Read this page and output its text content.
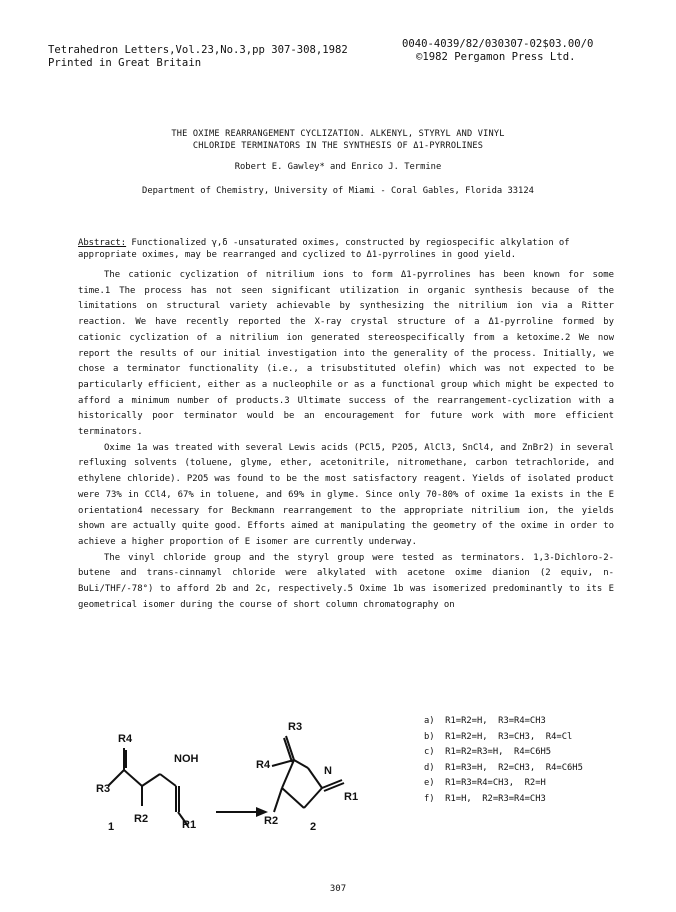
Tetrahedron Letters,Vol.23,No.3,pp 307-308,1982
Printed in Great Britain
0040-4039/82/030307-02$03.00/0
©1982 Pergamon Press Ltd.
THE OXIME REARRANGEMENT CYCLIZATION. ALKENYL, STYRYL AND VINYL
CHLORIDE TERMINATORS IN THE SYNTHESIS OF Δ1-PYRROLINES
Robert E. Gawley* and Enrico J. Termine
Department of Chemistry, University of Miami - Coral Gables, Florida 33124
Abstract: Functionalized γ,δ -unsaturated oximes, constructed by regiospecific alkylation of appropriate oximes, may be rearranged and cyclized to Δ1-pyrrolines in good yield.

The cationic cyclization of nitrilium ions to form Δ1-pyrrolines has been known for some time.1 The process has not seen significant utilization in organic synthesis because of the limitations on structural variety achievable by synthesizing the nitrilium ion via a Ritter reaction. We have recently reported the X-ray crystal structure of a Δ1-pyrroline formed by cationic cyclization of a nitrilium ion generated stereospecifically from a ketoxime.2 We now report the results of our initial investigation into the generality of the process. Initially, we chose a terminator functionality (i.e., a trisubstituted olefin) which was not expected to be particularly efficient, either as a nucleophile or as a functional group which might be expected to afford a minimum number of products.3 Ultimate success of the rearrangement-cyclization with a historically poor terminator would be an encouragement for future work with more efficient terminators.

Oxime 1a was treated with several Lewis acids (PCl5, P2O5, AlCl3, SnCl4, and ZnBr2) in several refluxing solvents (toluene, glyme, ether, acetonitrile, nitromethane, carbon tetrachloride, and ethylene chloride). P2O5 was found to be the most satisfactory reagent. Yields of isolated product were 73% in CCl4, 67% in toluene, and 69% in glyme. Since only 70-80% of oxime 1a exists in the E orientation4 necessary for Beckmann rearrangement to the appropriate nitrilium ion, the yields shown are actually quite good. Efforts aimed at manipulating the geometry of the oxime in order to achieve a higher proportion of E isomer are currently underway.

The vinyl chloride group and the styryl group were tested as terminators. 1,3-Dichloro-2-butene and trans-cinnamyl chloride were alkylated with acetone oxime dianion (2 equiv, n-BuLi/THF/-78°) to afford 2b and 2c, respectively.5 Oxime 1b was isomerized predominantly to its E geometrical isomer during the course of short column chromatography on

R4
R3
NOH
R2	R1
1
R3
R4	N
R1
R2	2
a)  R1=R2=H,  R3=R4=CH3
b)  R1=R2=H,  R3=CH3,  R4=Cl
c)  R1=R2=R3=H,  R4=C6H5
d)  R1=R3=H,  R2=CH3,  R4=C6H5
e)  R1=R3=R4=CH3,  R2=H
f)  R1=H,  R2=R3=R4=CH3
307
